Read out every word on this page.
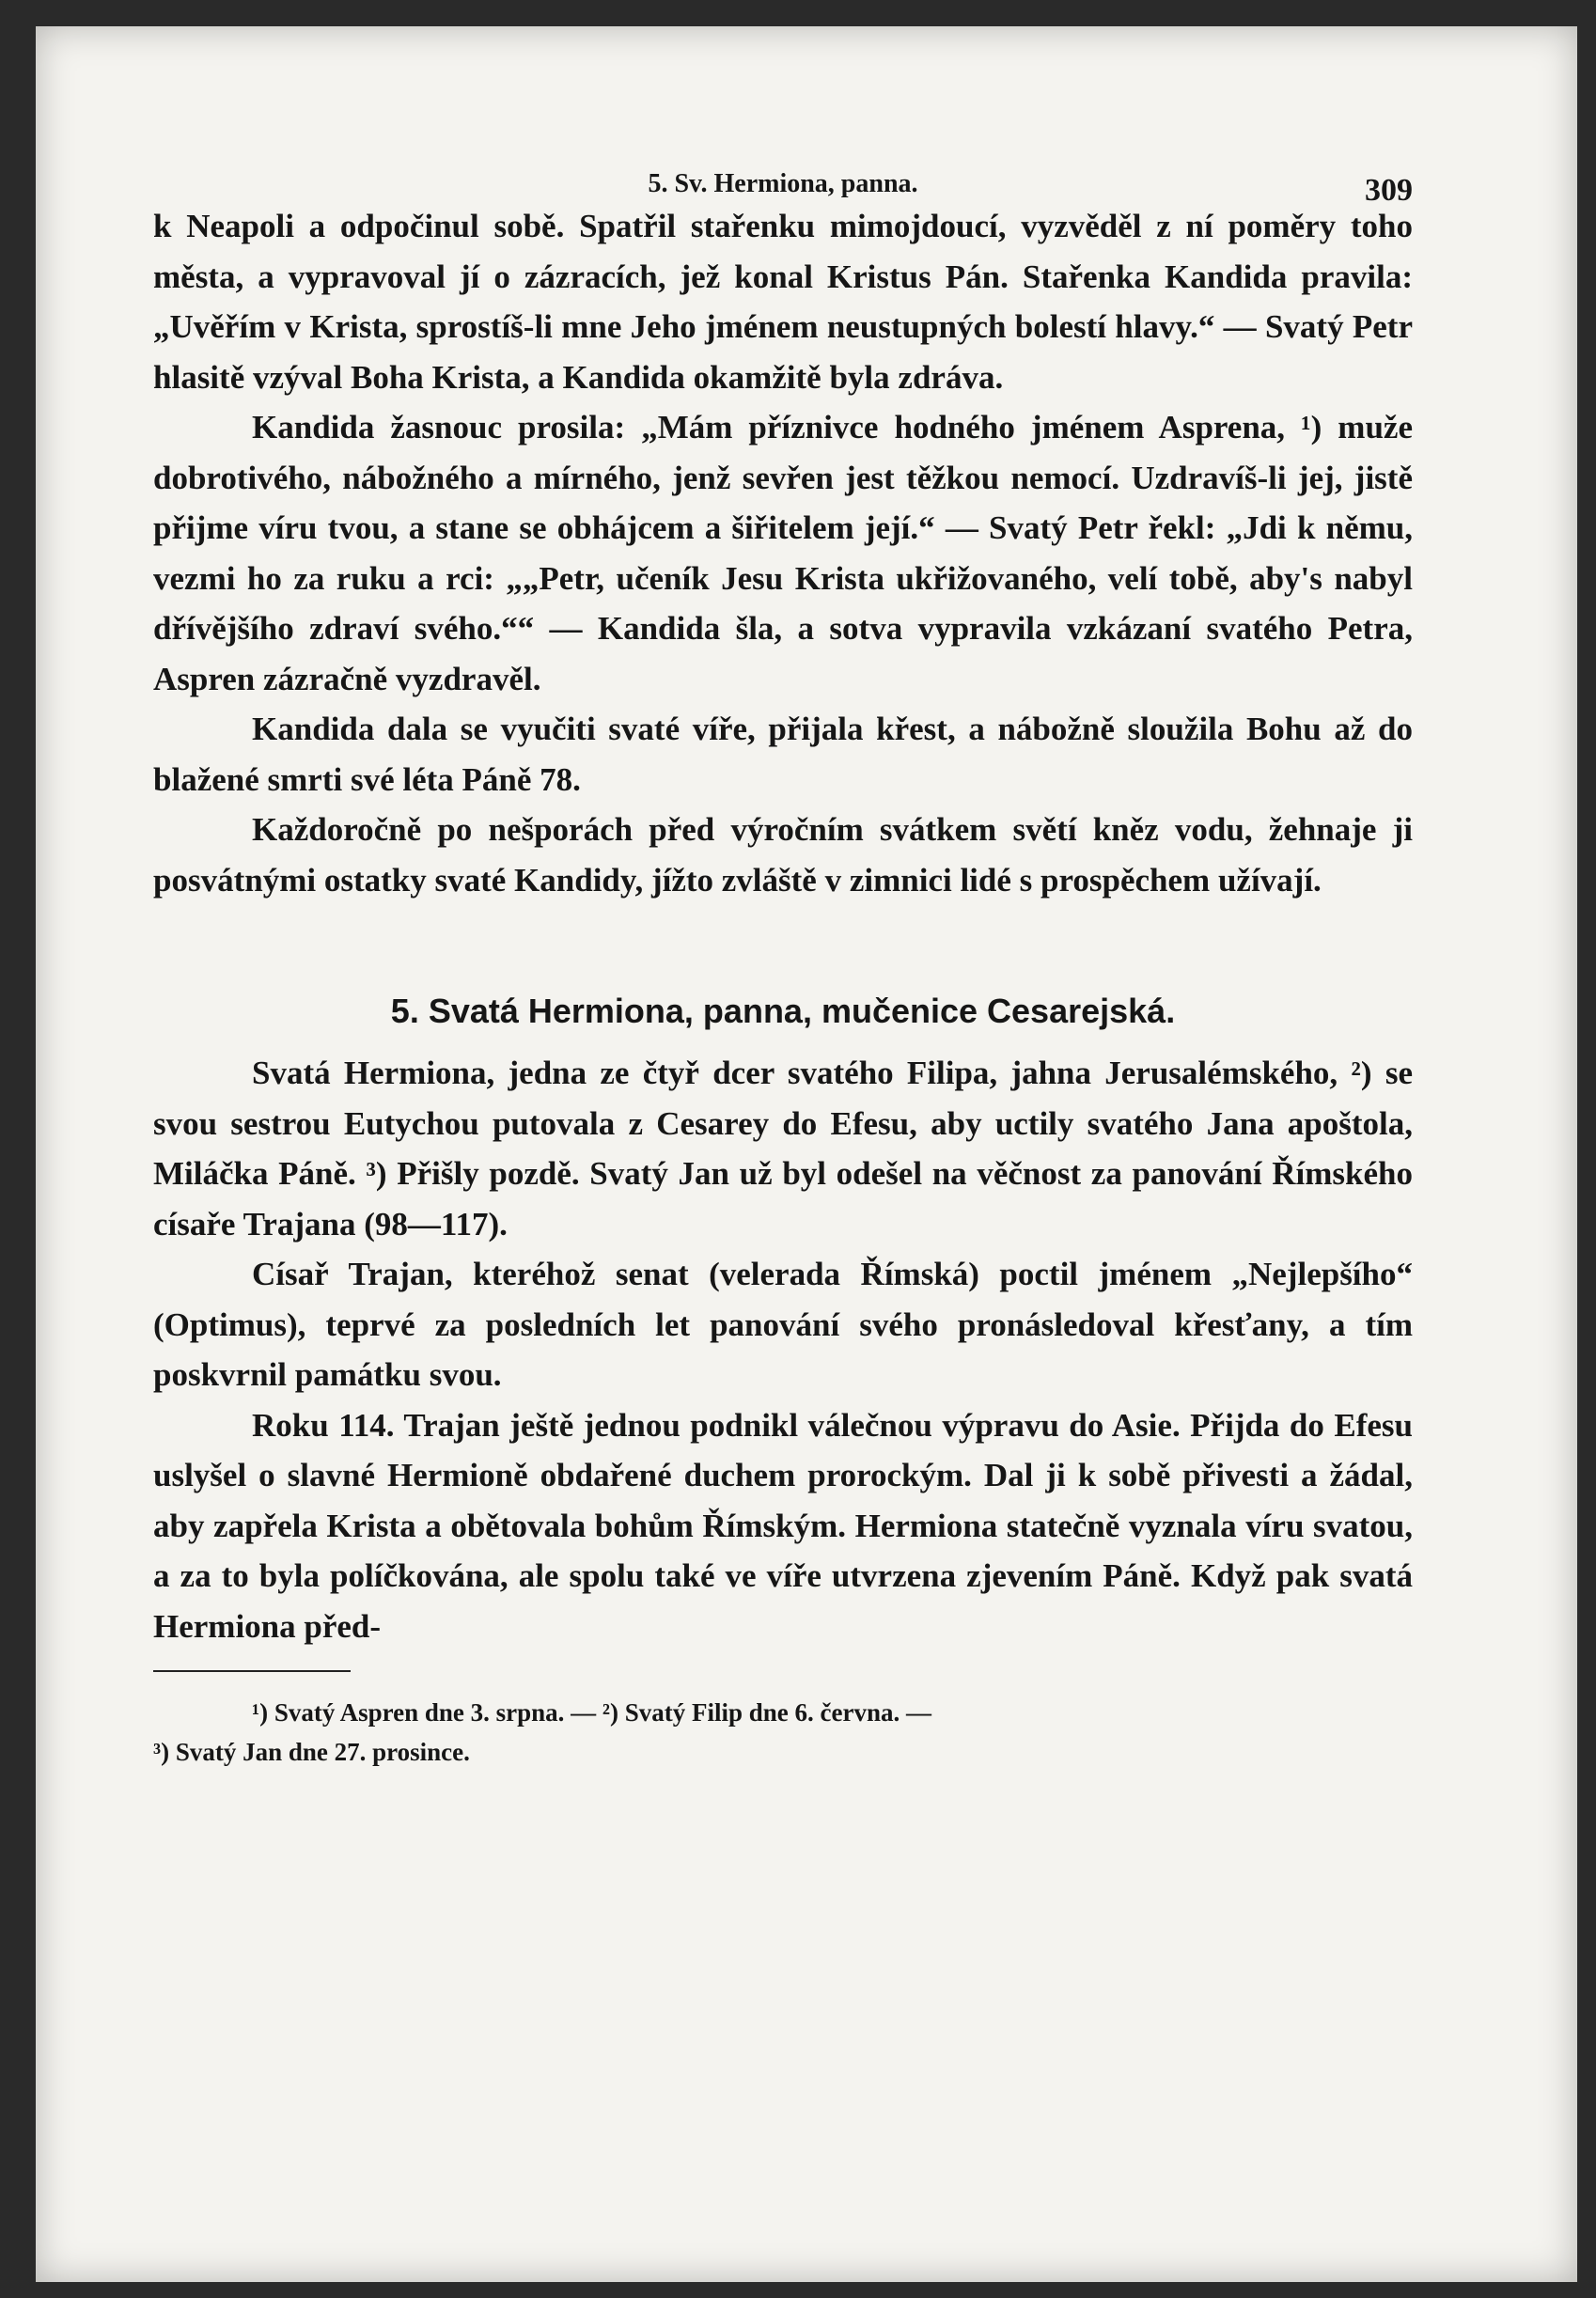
5. Sv. Hermiona, panna.	309

k Neapoli a odpočinul sobě. Spatřil stařenku mimojdoucí, vyzvěděl z ní poměry toho města, a vypravoval jí o zázracích, jež konal Kristus Pán. Stařenka Kandida pravila: „Uvěřím v Krista, sprostíš-li mne Jeho jménem neustupných bolestí hlavy.“ — Svatý Petr hlasitě vzýval Boha Krista, a Kandida okamžitě byla zdráva.

Kandida žasnouc prosila: „Mám příznivce hodného jménem Asprena, ¹) muže dobrotivého, nábožného a mírného, jenž sevřen jest těžkou nemocí. Uzdravíš-li jej, jistě přijme víru tvou, a stane se obhájcem a šiřitelem její.“ — Svatý Petr řekl: „Jdi k němu, vezmi ho za ruku a rci: „„Petr, učeník Jesu Krista ukřižovaného, velí tobě, aby's nabyl dřívějšího zdraví svého.““ — Kandida šla, a sotva vypravila vzkázaní svatého Petra, Aspren zázračně vyzdravěl.

Kandida dala se vyučiti svaté víře, přijala křest, a nábožně sloužila Bohu až do blažené smrti své léta Páně 78.

Každoročně po nešporách před výročním svátkem světí kněz vodu, žehnaje ji posvátnými ostatky svaté Kandidy, jížto zvláště v zimnici lidé s prospěchem užívají.

5. Svatá Hermiona, panna, mučenice Cesarejská.

Svatá Hermiona, jedna ze čtyř dcer svatého Filipa, jahna Jerusalémského, ²) se svou sestrou Eutychou putovala z Cesarey do Efesu, aby uctily svatého Jana apoštola, Miláčka Páně. ³) Přišly pozdě. Svatý Jan už byl odešel na věčnost za panování Římského císaře Trajana (98—117).

Císař Trajan, kteréhož senat (velerada Římská) poctil jménem „Nejlepšího“ (Optimus), teprvé za posledních let panování svého pronásledoval křesťany, a tím poskvrnil památku svou.

Roku 114. Trajan ještě jednou podnikl válečnou výpravu do Asie. Přijda do Efesu uslyšel o slavné Hermioně obdařené duchem prorockým. Dal ji k sobě přivesti a žádal, aby zapřela Krista a obětovala bohům Římským. Hermiona statečně vyznala víru svatou, a za to byla políčkována, ale spolu také ve víře utvrzena zjevením Páně. Když pak svatá Hermiona před-

¹) Svatý Aspren dne 3. srpna. — ²) Svatý Filip dne 6. června. —

³) Svatý Jan dne 27. prosince.
